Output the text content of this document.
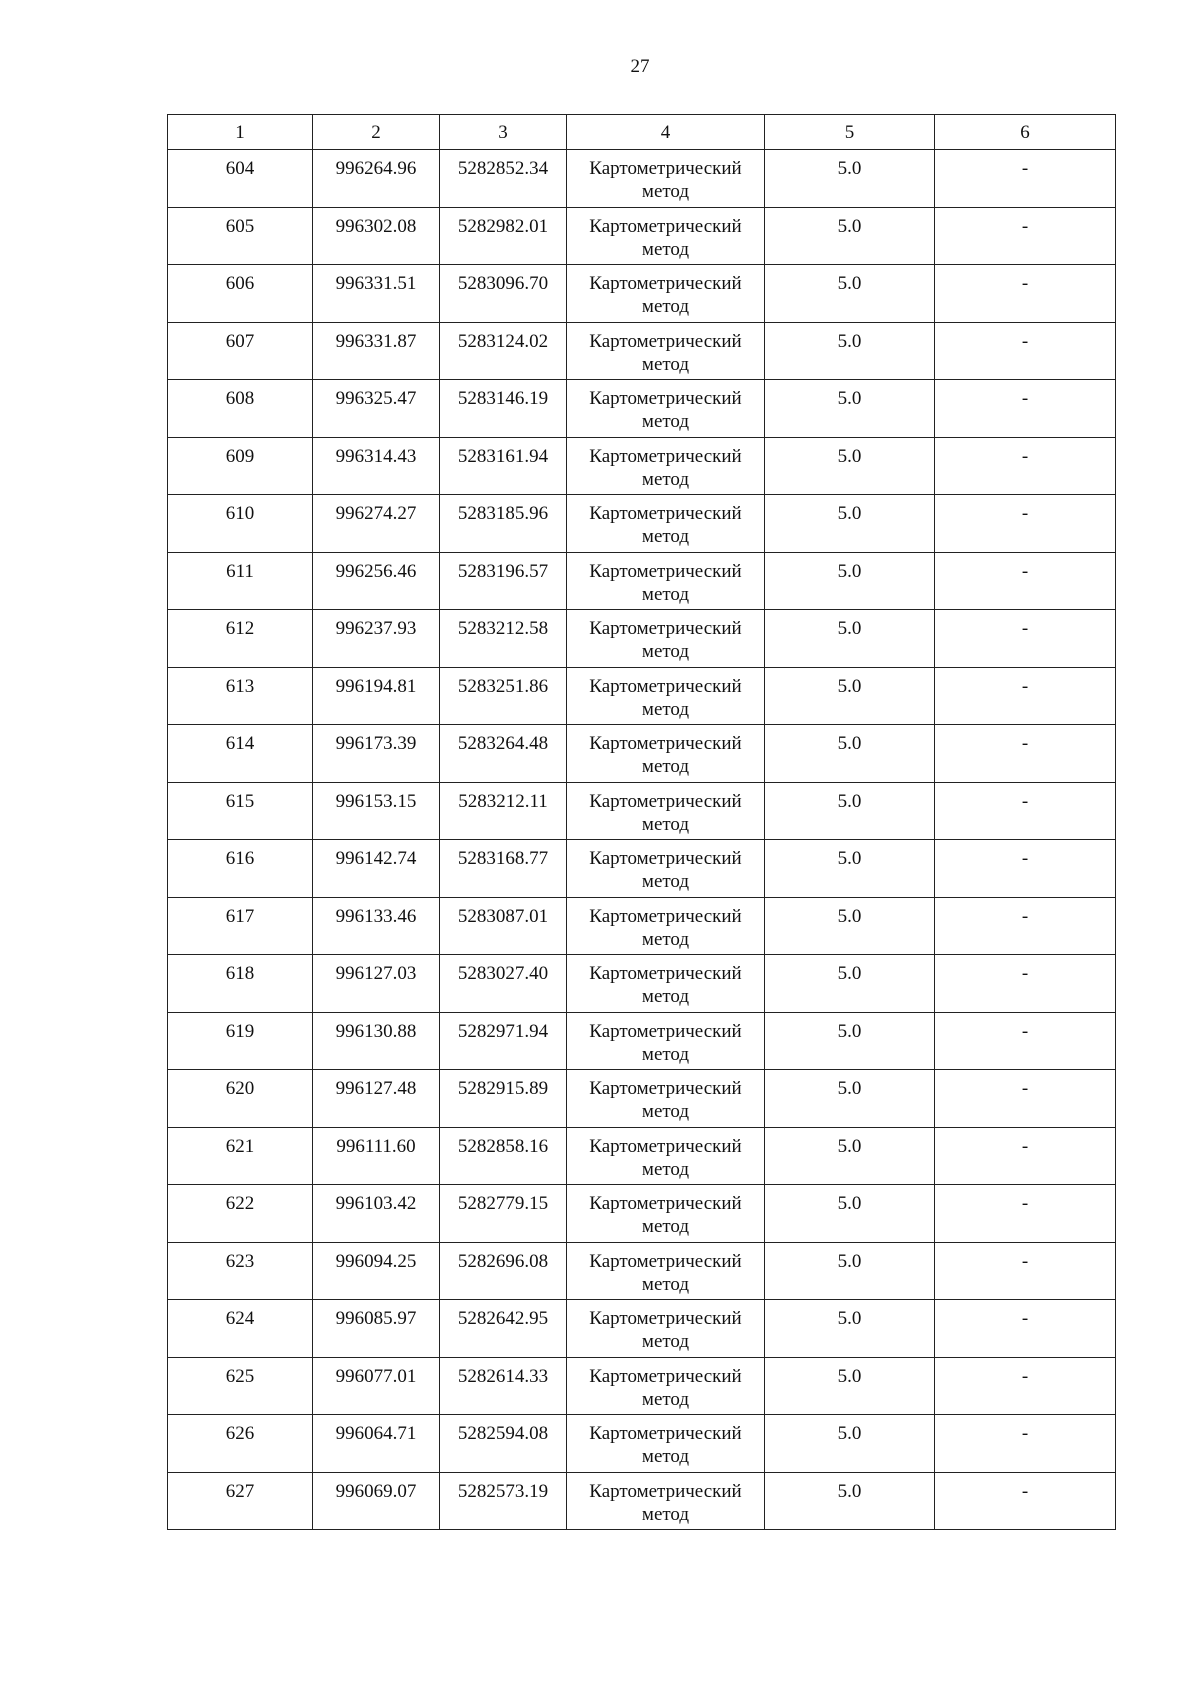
27
1	2	3	4	5	6
604	996264.96	5282852.34	Картометрический метод	5.0	-
605	996302.08	5282982.01	Картометрический метод	5.0	-
606	996331.51	5283096.70	Картометрический метод	5.0	-
607	996331.87	5283124.02	Картометрический метод	5.0	-
608	996325.47	5283146.19	Картометрический метод	5.0	-
609	996314.43	5283161.94	Картометрический метод	5.0	-
610	996274.27	5283185.96	Картометрический метод	5.0	-
611	996256.46	5283196.57	Картометрический метод	5.0	-
612	996237.93	5283212.58	Картометрический метод	5.0	-
613	996194.81	5283251.86	Картометрический метод	5.0	-
614	996173.39	5283264.48	Картометрический метод	5.0	-
615	996153.15	5283212.11	Картометрический метод	5.0	-
616	996142.74	5283168.77	Картометрический метод	5.0	-
617	996133.46	5283087.01	Картометрический метод	5.0	-
618	996127.03	5283027.40	Картометрический метод	5.0	-
619	996130.88	5282971.94	Картометрический метод	5.0	-
620	996127.48	5282915.89	Картометрический метод	5.0	-
621	996111.60	5282858.16	Картометрический метод	5.0	-
622	996103.42	5282779.15	Картометрический метод	5.0	-
623	996094.25	5282696.08	Картометрический метод	5.0	-
624	996085.97	5282642.95	Картометрический метод	5.0	-
625	996077.01	5282614.33	Картометрический метод	5.0	-
626	996064.71	5282594.08	Картометрический метод	5.0	-
627	996069.07	5282573.19	Картометрический метод	5.0	-
